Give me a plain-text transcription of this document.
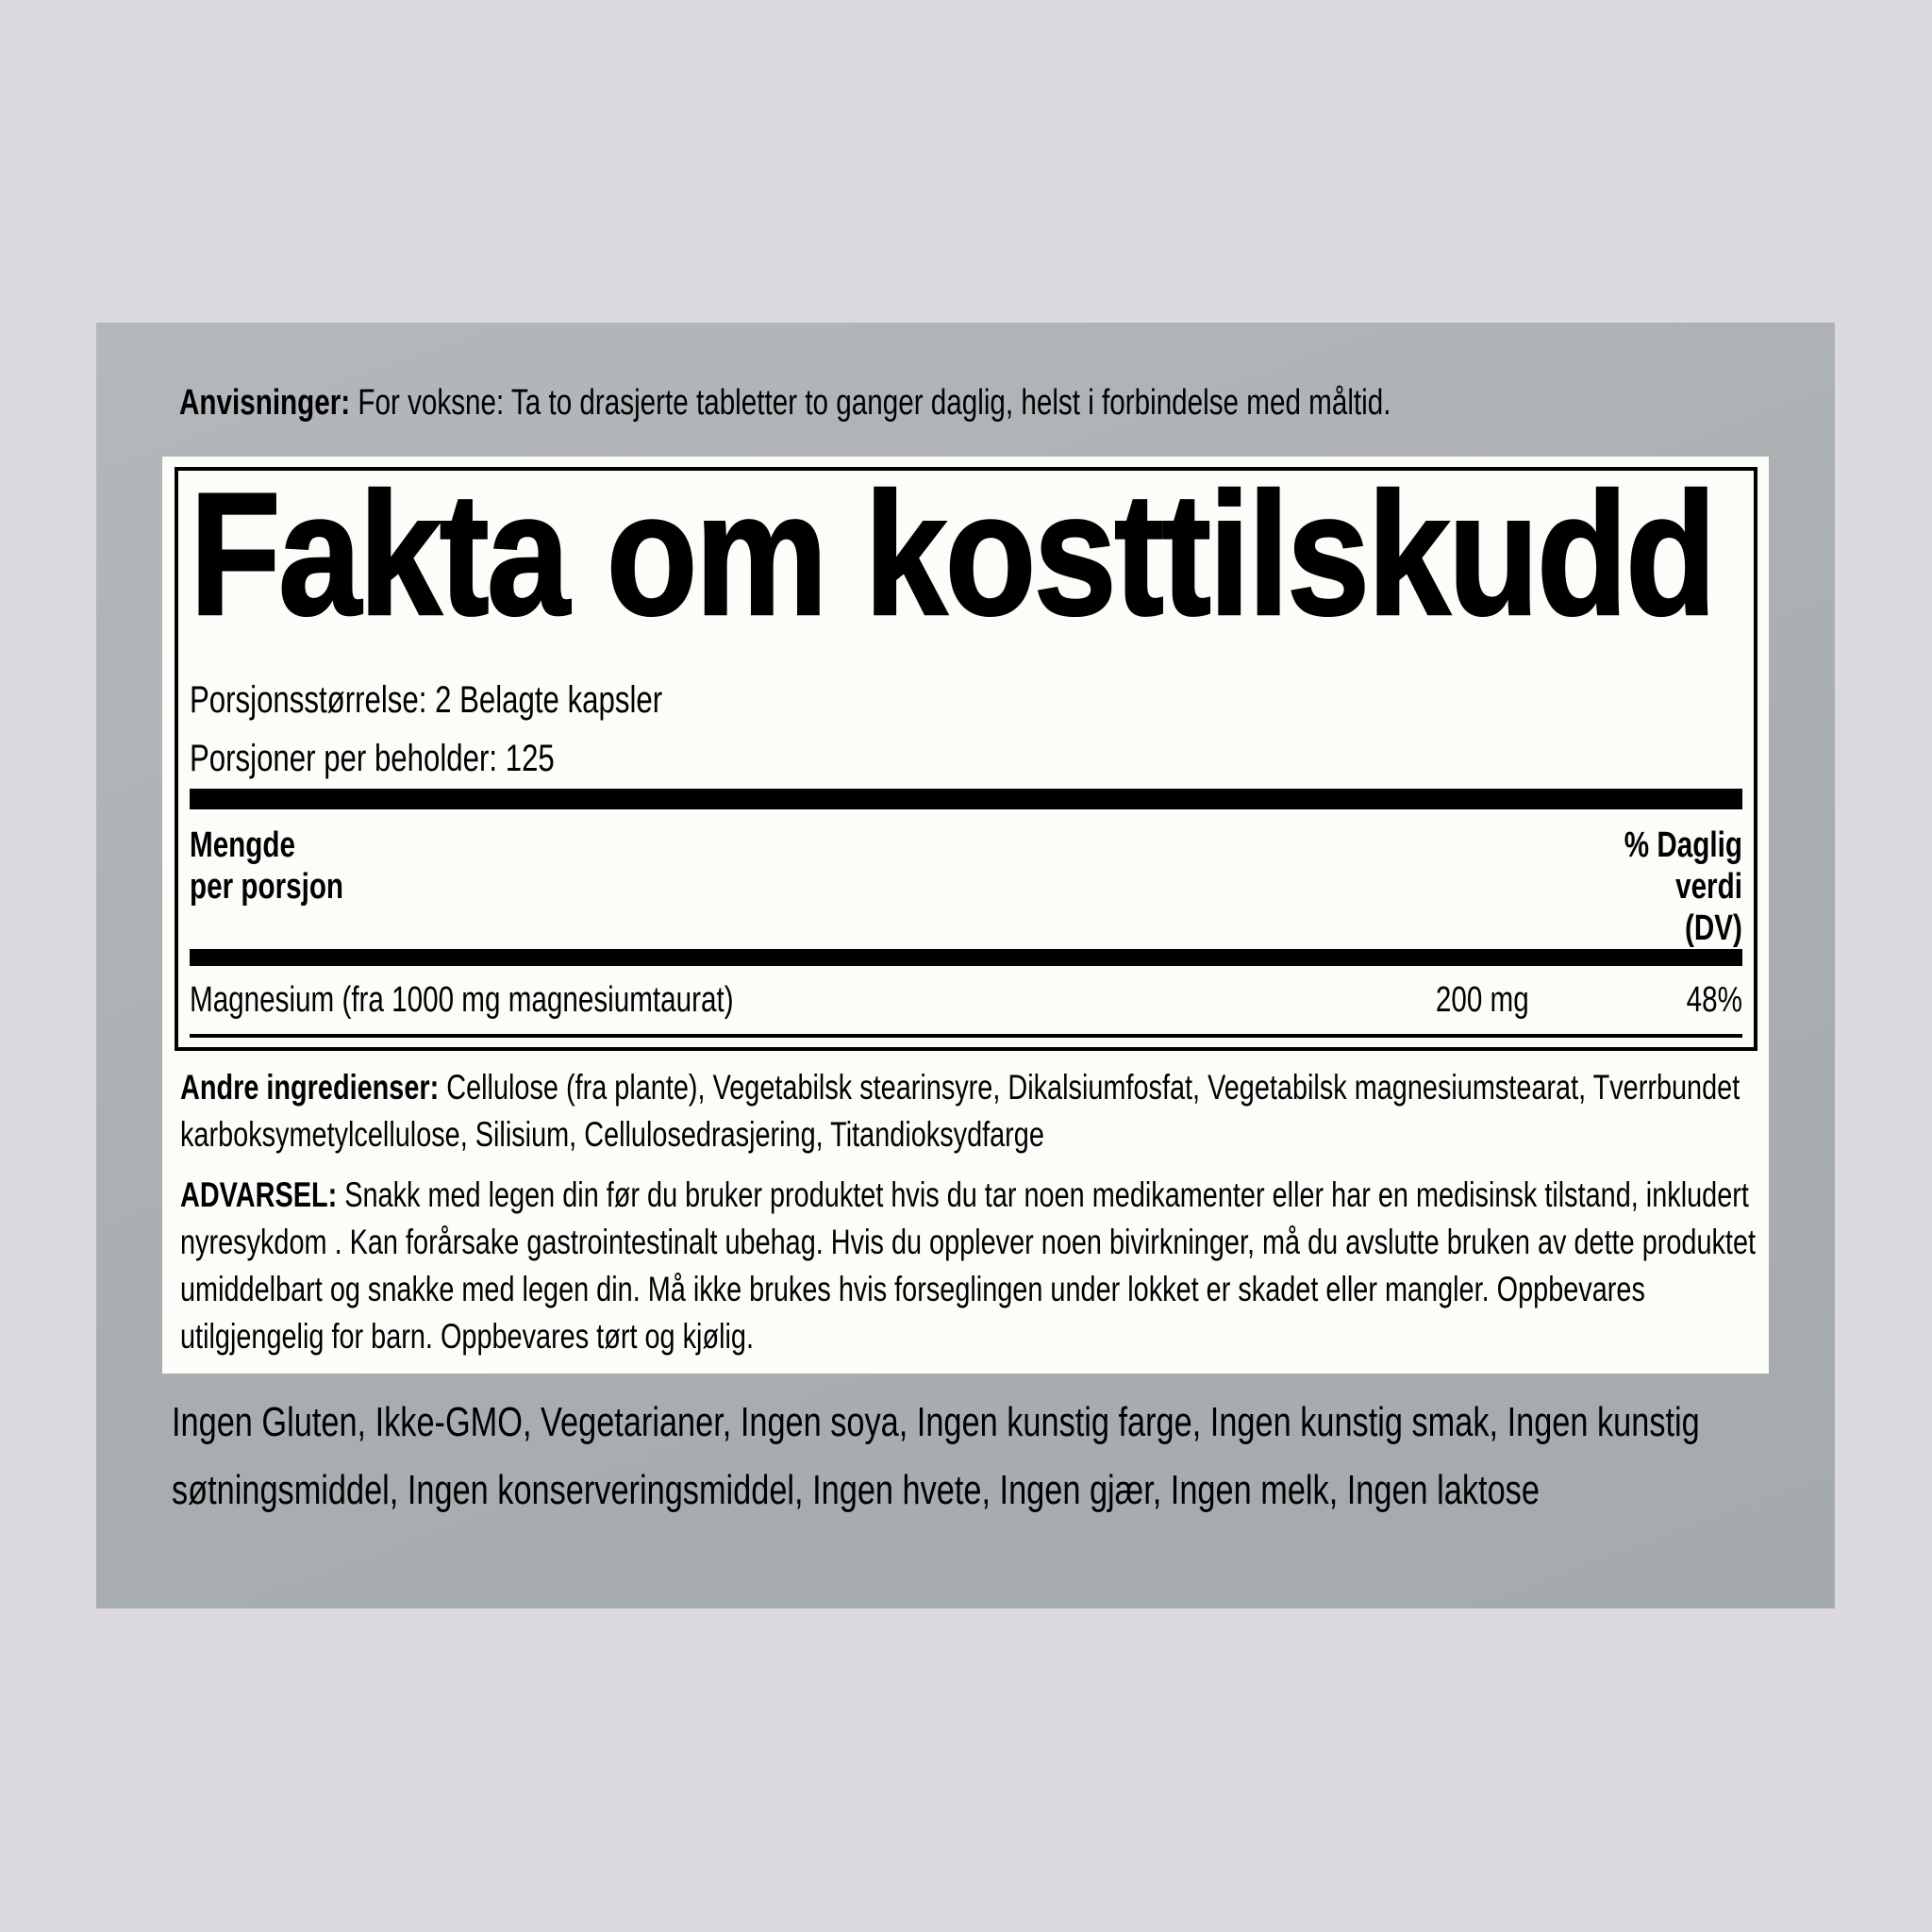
Anvisninger: For voksne: Ta to drasjerte tabletter to ganger daglig, helst i forbindelse med måltid.
Fakta om kosttilskudd
Porsjonsstørrelse: 2 Belagte kapsler
Porsjoner per beholder: 125
Mengde
per porsjon
% Daglig
verdi
(DV)
Magnesium (fra 1000 mg magnesiumtaurat)	200 mg	48%

Andre ingredienser: Cellulose (fra plante), Vegetabilsk stearinsyre, Dikalsiumfosfat, Vegetabilsk magnesiumstearat, Tverrbundet karboksymetylcellulose, Silisium, Cellulosedrasjering, Titandioksydfarge

ADVARSEL: Snakk med legen din før du bruker produktet hvis du tar noen medikamenter eller har en medisinsk tilstand, inkludert nyresykdom . Kan forårsake gastrointestinalt ubehag. Hvis du opplever noen bivirkninger, må du avslutte bruken av dette produktet umiddelbart og snakke med legen din. Må ikke brukes hvis forseglingen under lokket er skadet eller mangler. Oppbevares utilgjengelig for barn. Oppbevares tørt og kjølig.

Ingen Gluten, Ikke-GMO, Vegetarianer, Ingen soya, Ingen kunstig farge, Ingen kunstig smak, Ingen kunstig søtningsmiddel, Ingen konserveringsmiddel, Ingen hvete, Ingen gjær, Ingen melk, Ingen laktose
